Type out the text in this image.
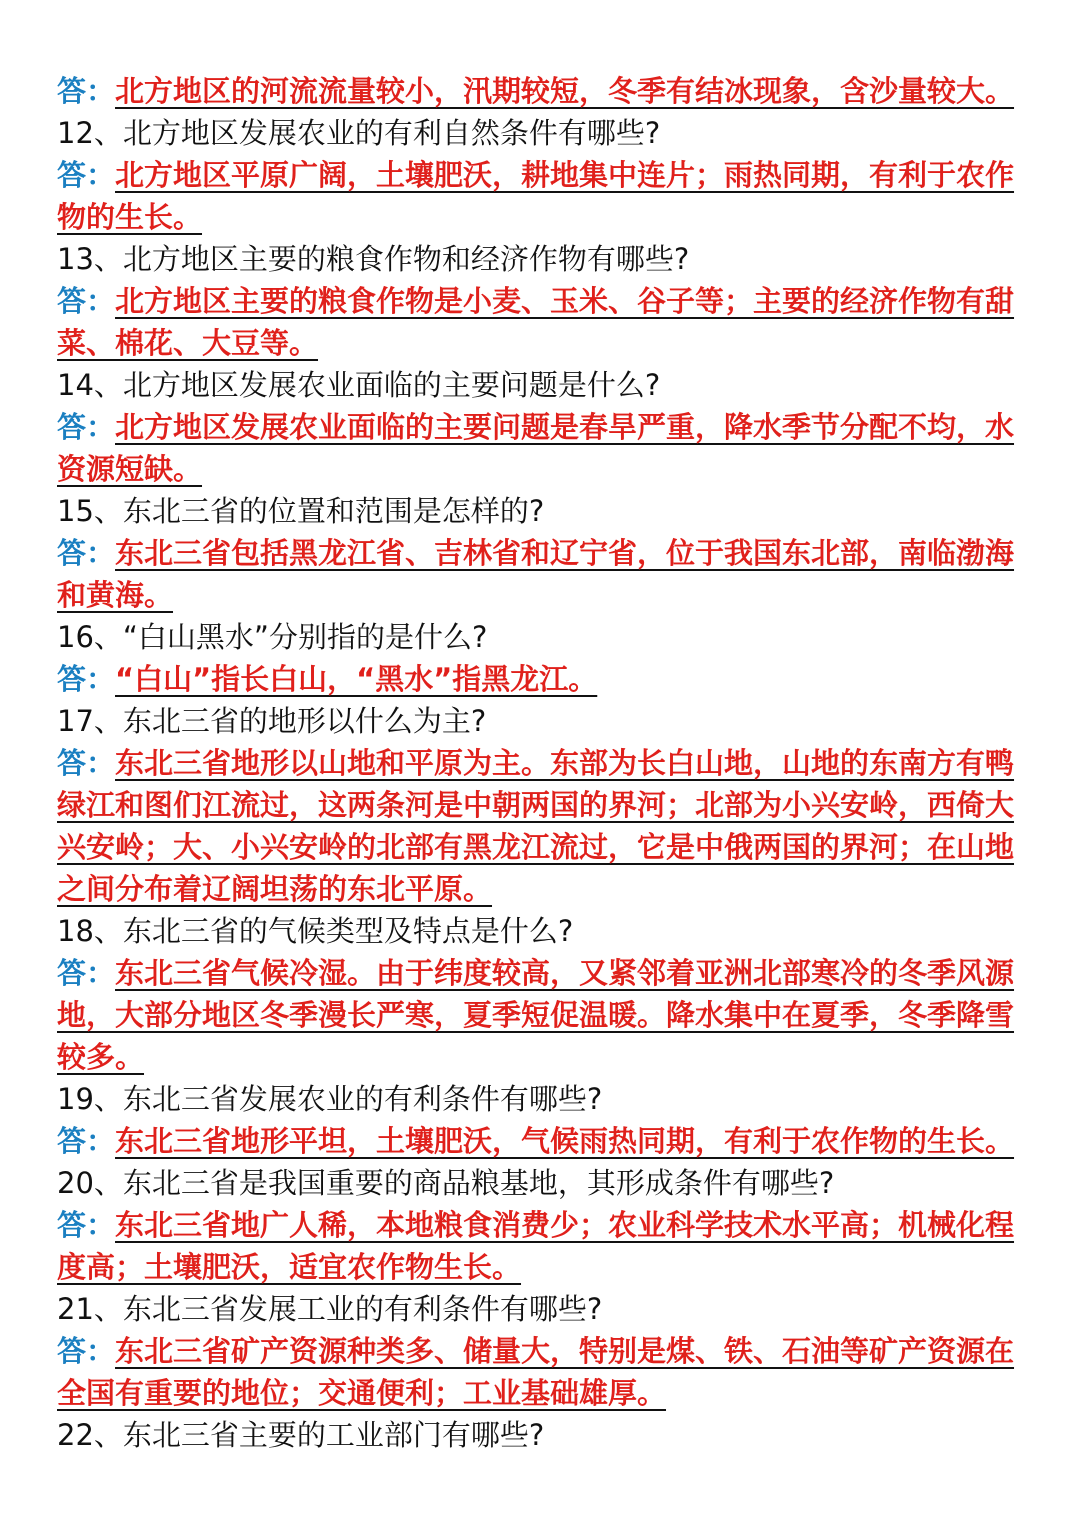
答：北方地区的河流流量较小，汛期较短，冬季有结冰现象，含沙量较大。

12、北方地区发展农业的有利自然条件有哪些?

答：北方地区平原广阔，土壤肥沃，耕地集中连片；雨热同期，有利于农作物的生长。

13、北方地区主要的粮食作物和经济作物有哪些?

答：北方地区主要的粮食作物是小麦、玉米、谷子等；主要的经济作物有甜菜、棉花、大豆等。

14、北方地区发展农业面临的主要问题是什么?

答：北方地区发展农业面临的主要问题是春旱严重，降水季节分配不均，水资源短缺。

15、东北三省的位置和范围是怎样的?

答：东北三省包括黑龙江省、吉林省和辽宁省，位于我国东北部，南临渤海和黄海。

16、“白山黑水”分别指的是什么?

答：“白山”指长白山，“黑水”指黑龙江。

17、东北三省的地形以什么为主?

答：东北三省地形以山地和平原为主。东部为长白山地，山地的东南方有鸭绿江和图们江流过，这两条河是中朝两国的界河；北部为小兴安岭，西倚大兴安岭；大、小兴安岭的北部有黑龙江流过，它是中俄两国的界河；在山地之间分布着辽阔坦荡的东北平原。

18、东北三省的气候类型及特点是什么?

答：东北三省气候冷湿。由于纬度较高，又紧邻着亚洲北部寒冷的冬季风源地，大部分地区冬季漫长严寒，夏季短促温暖。降水集中在夏季，冬季降雪较多。

19、东北三省发展农业的有利条件有哪些?

答：东北三省地形平坦，土壤肥沃，气候雨热同期，有利于农作物的生长。

20、东北三省是我国重要的商品粮基地，其形成条件有哪些?

答：东北三省地广人稀，本地粮食消费少；农业科学技术水平高；机械化程度高；土壤肥沃，适宜农作物生长。

21、东北三省发展工业的有利条件有哪些?

答：东北三省矿产资源种类多、储量大，特别是煤、铁、石油等矿产资源在全国有重要的地位；交通便利；工业基础雄厚。

22、东北三省主要的工业部门有哪些?
